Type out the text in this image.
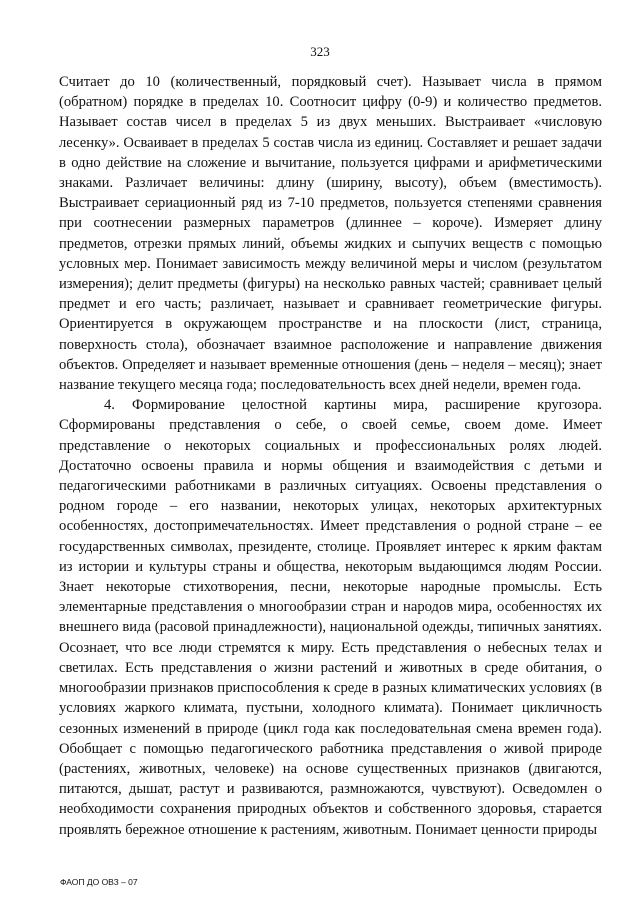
323

Считает до 10 (количественный, порядковый счет). Называет числа в прямом (обратном) порядке в пределах 10. Соотносит цифру (0-9) и количество предметов. Называет состав чисел в пределах 5 из двух меньших. Выстраивает «числовую лесенку». Осваивает в пределах 5 состав числа из единиц. Составляет и решает задачи в одно действие на сложение и вычитание, пользуется цифрами и арифметическими знаками. Различает величины: длину (ширину, высоту), объем (вместимость). Выстраивает сериационный ряд из 7-10 предметов, пользуется степенями сравнения при соотнесении размерных параметров (длиннее – короче). Измеряет длину предметов, отрезки прямых линий, объемы жидких и сыпучих веществ с помощью условных мер. Понимает зависимость между величиной меры и числом (результатом измерения); делит предметы (фигуры) на несколько равных частей; сравнивает целый предмет и его часть; различает, называет и сравнивает геометрические фигуры. Ориентируется в окружающем пространстве и на плоскости (лист, страница, поверхность стола), обозначает взаимное расположение и направление движения объектов. Определяет и называет временные отношения (день – неделя – месяц); знает название текущего месяца года; последовательность всех дней недели, времен года.

4. Формирование целостной картины мира, расширение кругозора. Сформированы представления о себе, о своей семье, своем доме. Имеет представление о некоторых социальных и профессиональных ролях людей. Достаточно освоены правила и нормы общения и взаимодействия с детьми и педагогическими работниками в различных ситуациях. Освоены представления о родном городе – его названии, некоторых улицах, некоторых архитектурных особенностях, достопримечательностях. Имеет представления о родной стране – ее государственных символах, президенте, столице. Проявляет интерес к ярким фактам из истории и культуры страны и общества, некоторым выдающимся людям России. Знает некоторые стихотворения, песни, некоторые народные промыслы. Есть элементарные представления о многообразии стран и народов мира, особенностях их внешнего вида (расовой принадлежности), национальной одежды, типичных занятиях. Осознает, что все люди стремятся к миру. Есть представления о небесных телах и светилах. Есть представления о жизни растений и животных в среде обитания, о многообразии признаков приспособления к среде в разных климатических условиях (в условиях жаркого климата, пустыни, холодного климата). Понимает цикличность сезонных изменений в природе (цикл года как последовательная смена времен года). Обобщает с помощью педагогического работника представления о живой природе (растениях, животных, человеке) на основе существенных признаков (двигаются, питаются, дышат, растут и развиваются, размножаются, чувствуют). Осведомлен о необходимости сохранения природных объектов и собственного здоровья, старается проявлять бережное отношение к растениям, животным. Понимает ценности природы

ФАОП ДО ОВЗ – 07
